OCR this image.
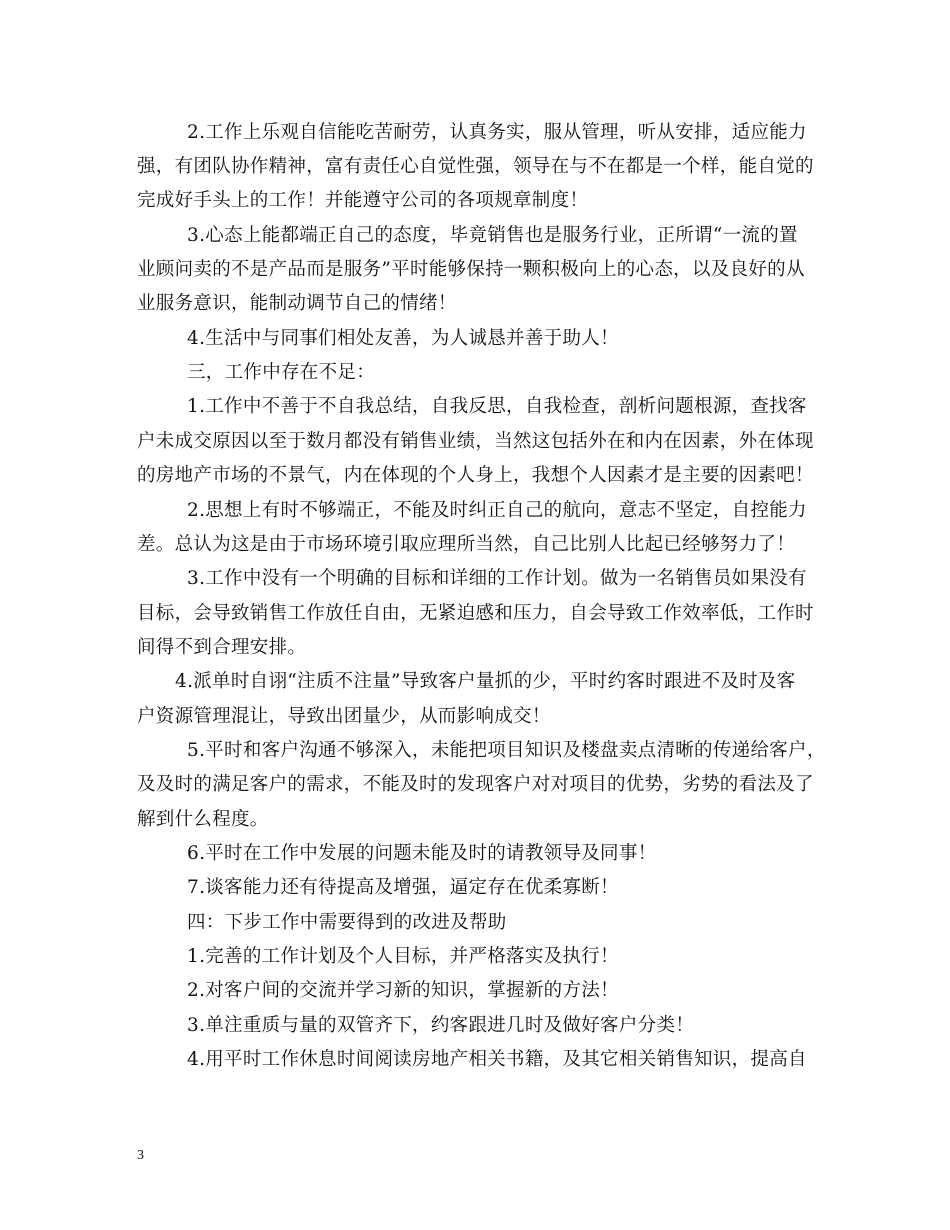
2.工作上乐观自信能吃苦耐劳，认真务实，服从管理，听从安排，适应能力
强，有团队协作精神，富有责任心自觉性强，领导在与不在都是一个样，能自觉的
完成好手头上的工作！并能遵守公司的各项规章制度！
3.心态上能都端正自己的态度，毕竟销售也是服务行业，正所谓“一流的置
业顾问卖的不是产品而是服务”平时能够保持一颗积极向上的心态，以及良好的从
业服务意识，能制动调节自己的情绪！
4.生活中与同事们相处友善，为人诚恳并善于助人！
三，工作中存在不足：
1.工作中不善于不自我总结，自我反思，自我检查，剖析问题根源，查找客
户未成交原因以至于数月都没有销售业绩，当然这包括外在和内在因素，外在体现
的房地产市场的不景气，内在体现的个人身上，我想个人因素才是主要的因素吧！
2.思想上有时不够端正，不能及时纠正自己的航向，意志不坚定，自控能力
差。总认为这是由于市场环境引取应理所当然，自己比别人比起已经够努力了！
3.工作中没有一个明确的目标和详细的工作计划。做为一名销售员如果没有
目标，会导致销售工作放任自由，无紧迫感和压力，自会导致工作效率低，工作时
间得不到合理安排。
4.派单时自诩“注质不注量”导致客户量抓的少，平时约客时跟进不及时及客
户资源管理混让，导致出团量少，从而影响成交！
5.平时和客户沟通不够深入，未能把项目知识及楼盘卖点清晰的传递给客户，
及及时的满足客户的需求，不能及时的发现客户对对项目的优势，劣势的看法及了
解到什么程度。
6.平时在工作中发展的问题未能及时的请教领导及同事！
7.谈客能力还有待提高及增强，逼定存在优柔寡断！
四：下步工作中需要得到的改进及帮助
1.完善的工作计划及个人目标，并严格落实及执行！
2.对客户间的交流并学习新的知识，掌握新的方法！
3.单注重质与量的双管齐下，约客跟进几时及做好客户分类！
4.用平时工作休息时间阅读房地产相关书籍，及其它相关销售知识，提高自
3
